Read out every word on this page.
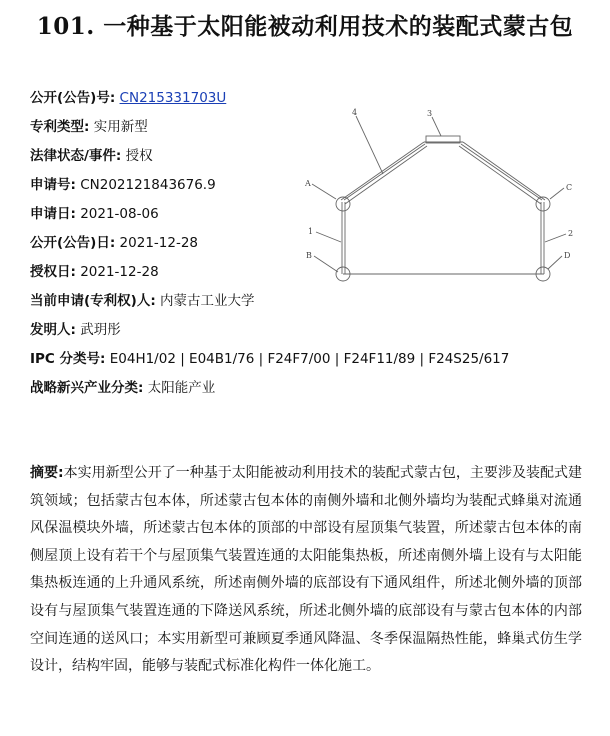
101. 一种基于太阳能被动利用技术的装配式蒙古包
公开(公告)号: CN215331703U
专利类型: 实用新型
法律状态/事件: 授权
申请号: CN202121843676.9
申请日: 2021-08-06
公开(公告)日: 2021-12-28
授权日: 2021-12-28
当前申请(专利权)人: 内蒙古工业大学
发明人: 武玥彤
IPC 分类号: E04H1/02 | E04B1/76 | F24F7/00 | F24F11/89 | F24S25/617
战略新兴产业分类: 太阳能产业
4	3
A	C
1	2
B	D
摘要:本实用新型公开了一种基于太阳能被动利用技术的装配式蒙古包，主要涉及装配式建筑领域；包括蒙古包本体，所述蒙古包本体的南侧外墙和北侧外墙均为装配式蜂巢对流通风保温模块外墙，所述蒙古包本体的顶部的中部设有屋顶集气装置，所述蒙古包本体的南侧屋顶上设有若干个与屋顶集气装置连通的太阳能集热板，所述南侧外墙上设有与太阳能集热板连通的上升通风系统，所述南侧外墙的底部设有下通风组件，所述北侧外墙的顶部设有与屋顶集气装置连通的下降送风系统，所述北侧外墙的底部设有与蒙古包本体的内部空间连通的送风口；本实用新型可兼顾夏季通风降温、冬季保温隔热性能，蜂巢式仿生学设计，结构牢固，能够与装配式标准化构件一体化施工。
